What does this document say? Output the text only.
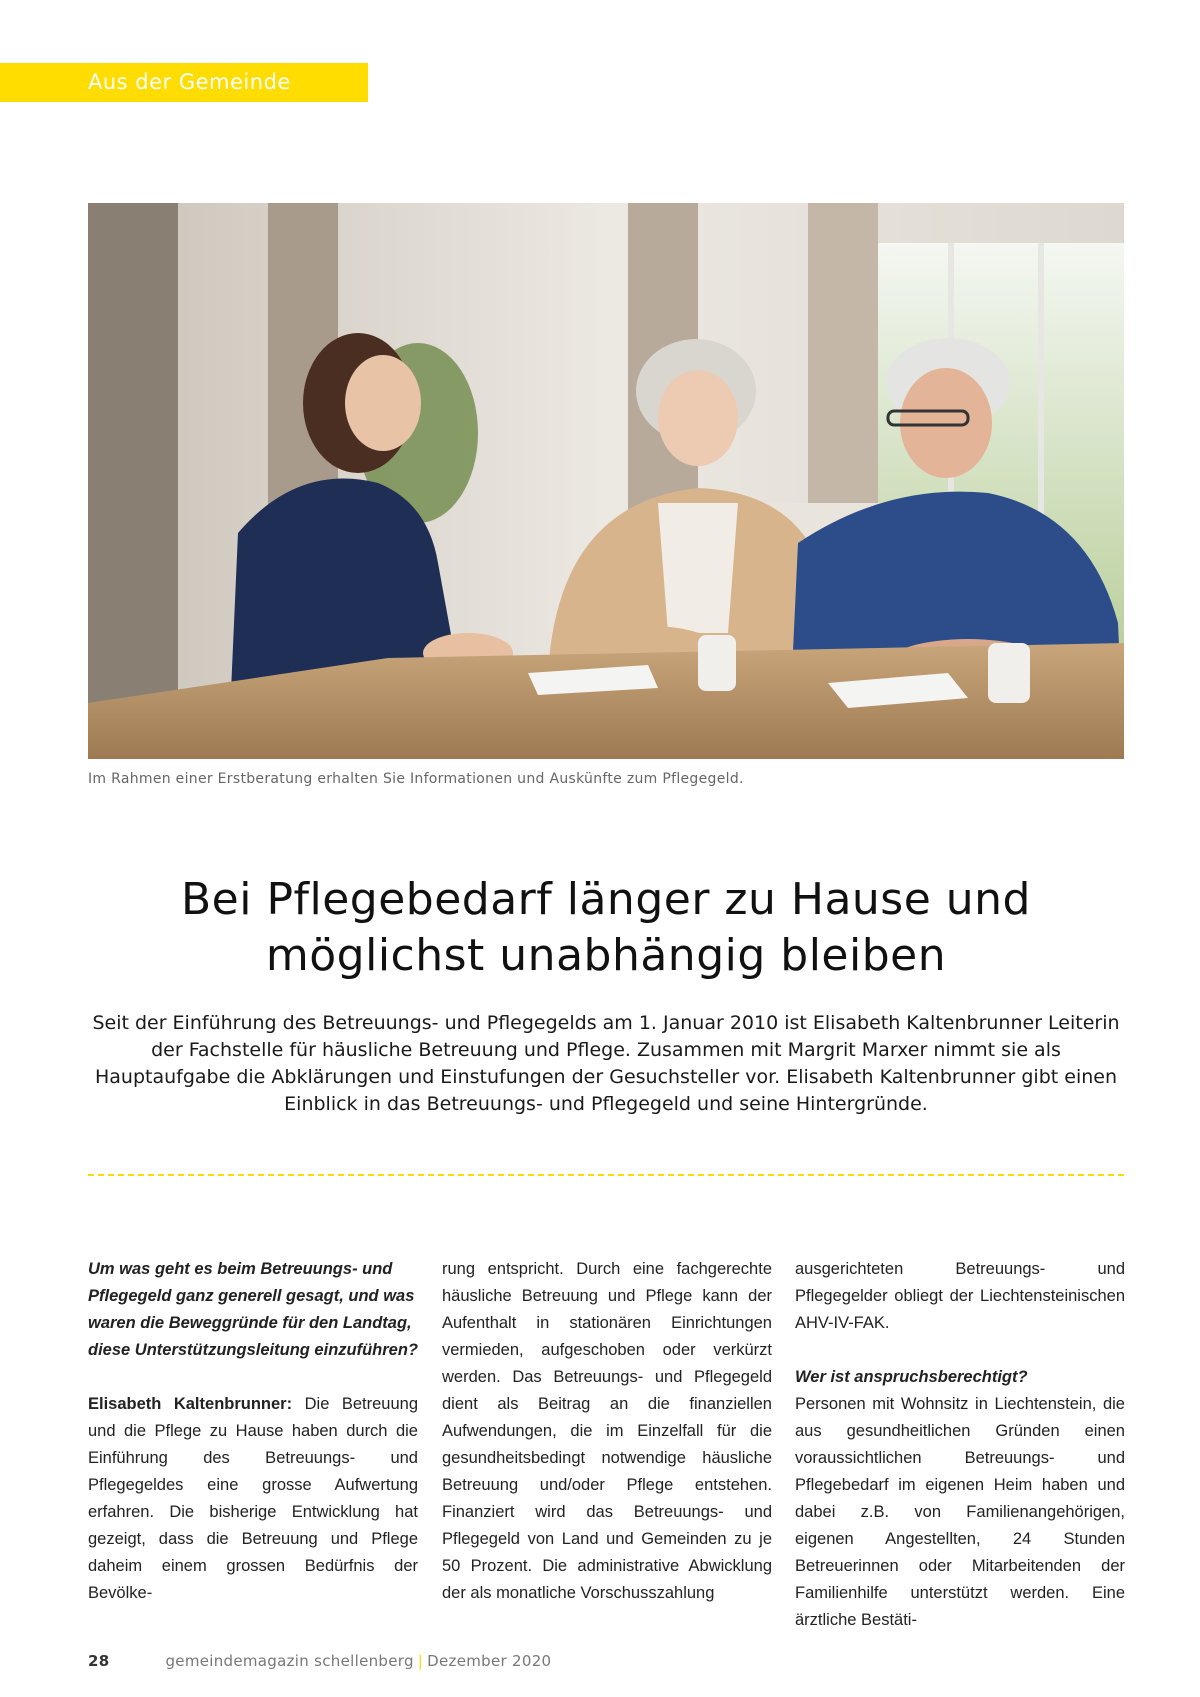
Aus der Gemeinde
Im Rahmen einer Erstberatung erhalten Sie Informationen und Auskünfte zum Pflegegeld.
Bei Pflegebedarf länger zu Hause und
möglichst unabhängig bleiben

Seit der Einführung des Betreuungs- und Pflegegelds am 1. Januar 2010 ist Elisabeth Kaltenbrunner Leiterin der Fachstelle für häusliche Betreuung und Pflege. Zusammen mit Margrit Marxer nimmt sie als Hauptaufgabe die Abklärungen und Einstufungen der Gesuchsteller vor. Elisabeth Kaltenbrunner gibt einen Einblick in das Betreuungs- und Pflegegeld und seine Hintergründe.

Um was geht es beim Betreuungs- und Pflegegeld ganz generell gesagt, und was waren die Beweggründe für den Landtag, diese Unterstützungsleitung einzuführen?

Elisabeth Kaltenbrunner: Die Betreuung und die Pflege zu Hause haben durch die Einführung des Betreuungs- und Pflegegeldes eine grosse Aufwertung erfahren. Die bisherige Entwicklung hat gezeigt, dass die Betreuung und Pflege daheim einem grossen Bedürfnis der Bevölke-

rung entspricht. Durch eine fachgerechte häusliche Betreuung und Pflege kann der Aufenthalt in stationären Einrichtungen vermieden, aufgeschoben oder verkürzt werden. Das Betreuungs- und Pflegegeld dient als Beitrag an die finanziellen Aufwendungen, die im Einzelfall für die gesundheitsbedingt notwendige häusliche Betreuung und/oder Pflege entstehen. Finanziert wird das Betreuungs- und Pflegegeld von Land und Gemeinden zu je 50 Prozent. Die administrative Abwicklung der als monatliche Vorschusszahlung

ausgerichteten Betreuungs- und Pflegegelder obliegt der Liechtensteinischen AHV-IV-FAK.

Wer ist anspruchsberechtigt?

Personen mit Wohnsitz in Liechtenstein, die aus gesundheitlichen Gründen einen voraussichtlichen Betreuungs- und Pflegebedarf im eigenen Heim haben und dabei z.B. von Familienangehörigen, eigenen Angestellten, 24 Stunden Betreuerinnen oder Mitarbeitenden der Familienhilfe unterstützt werden. Eine ärztliche Bestäti-

28	gemeindemagazin schellenberg | Dezember 2020
